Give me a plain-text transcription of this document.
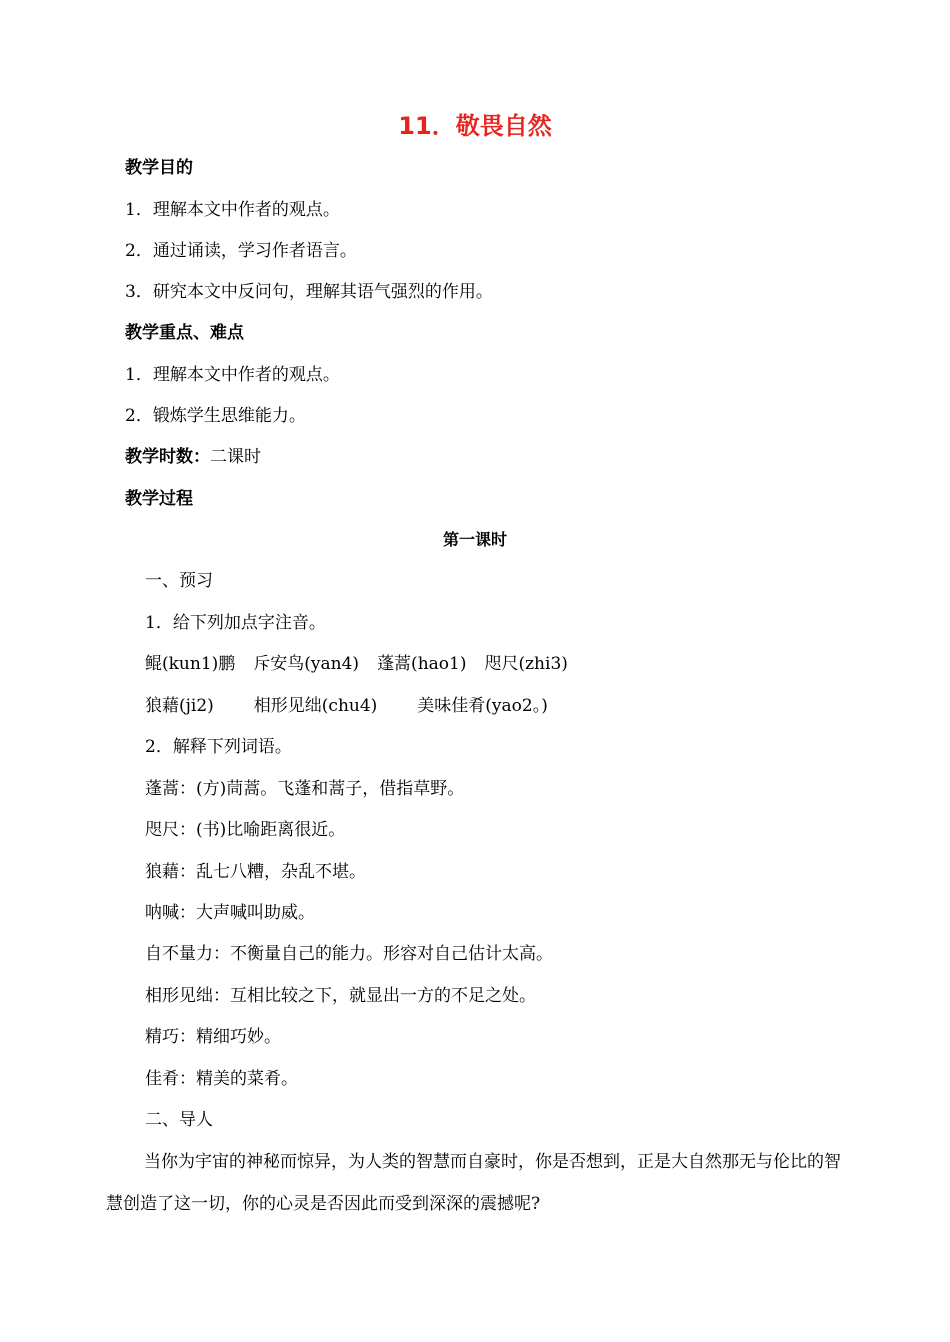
11．敬畏自然
教学目的
1．理解本文中作者的观点。
2．通过诵读，学习作者语言。
3．研究本文中反问句，理解其语气强烈的作用。
教学重点、难点
1．理解本文中作者的观点。
2．锻炼学生思维能力。
教学时数：二课时
教学过程
第一课时
一、预习
1．给下列加点字注音。
鲲(kun1)鹏 斥安鸟(yan4) 蓬蒿(hao1) 咫尺(zhi3)
狼藉(ji2) 相形见绌(chu4) 美味佳肴(yao2。)
2．解释下列词语。
蓬蒿：(方)茼蒿。飞蓬和蒿子，借指草野。
咫尺：(书)比喻距离很近。
狼藉：乱七八糟，杂乱不堪。
呐喊：大声喊叫助威。
自不量力：不衡量自己的能力。形容对自己估计太高。
相形见绌：互相比较之下，就显出一方的不足之处。
精巧：精细巧妙。
佳肴：精美的菜肴。
二、导人
当你为宇宙的神秘而惊异，为人类的智慧而自豪时，你是否想到，正是大自然那无与伦比的智慧创造了这一切，你的心灵是否因此而受到深深的震撼呢?
